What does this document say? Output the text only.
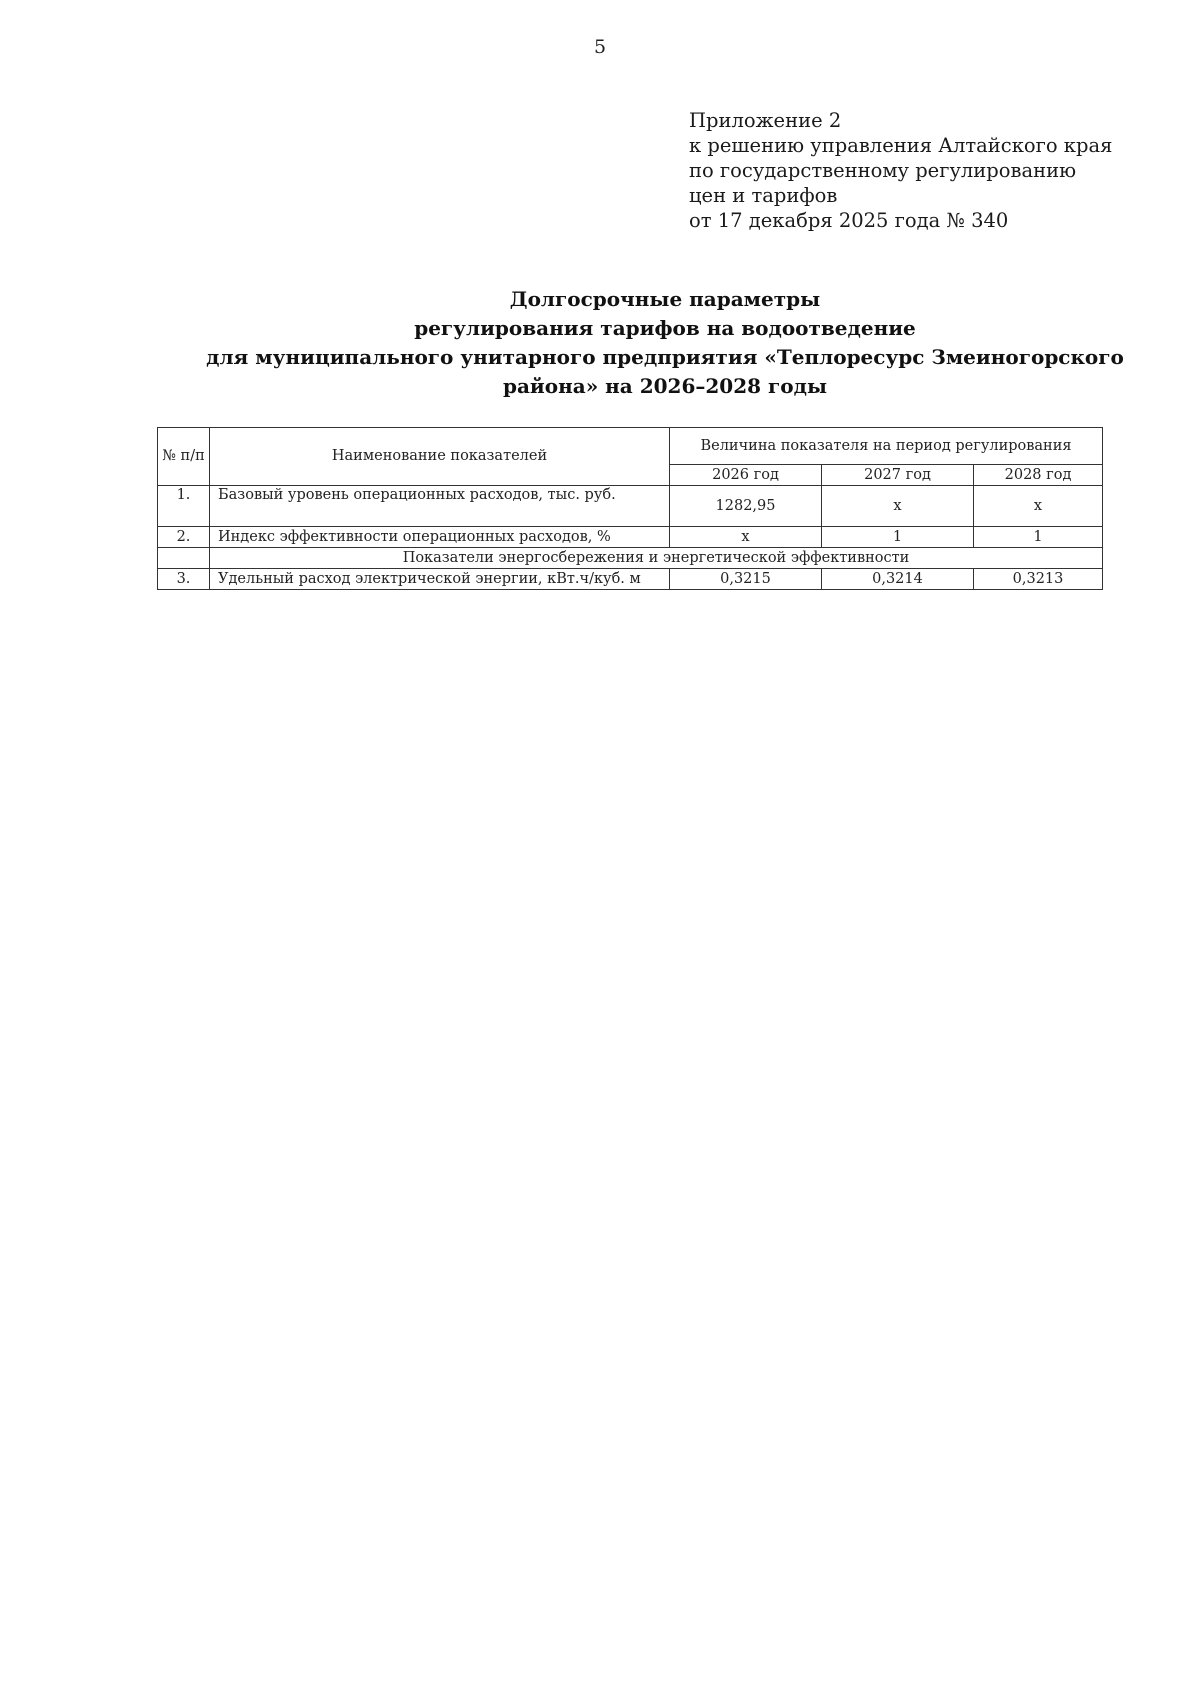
5
Приложение 2
к решению управления Алтайского края
по государственному регулированию
цен и тарифов
от 17 декабря 2025 года № 340
Долгосрочные параметры
регулирования тарифов на водоотведение
для муниципального унитарного предприятия «Теплоресурс Змеиногорского
района» на 2026–2028 годы
№ п/п	Наименование показателей	Величина показателя на период регулирования		
		2026 год	2027 год	2028 год
1.	Базовый уровень операционных расходов, тыс. руб.	1282,95	x	x
2.	Индекс эффективности операционных расходов, %	x	1	1
	Показатели энергосбережения и энергетической эффективности			
3.	Удельный расход электрической энергии, кВт.ч/куб. м	0,3215	0,3214	0,3213
